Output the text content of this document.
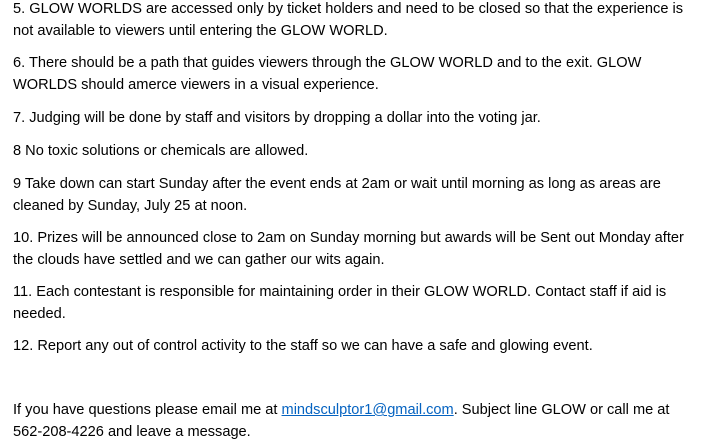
5. GLOW WORLDS are accessed only by ticket holders and need to be closed so that the experience is
not available to viewers until entering the GLOW WORLD.

6. There should be a path that guides viewers through the GLOW WORLD and to the exit. GLOW
WORLDS should amerce viewers in a visual experience.

7. Judging will be done by staff and visitors by dropping a dollar into the voting jar.

8 No toxic solutions or chemicals are allowed.

9 Take down can start Sunday after the event ends at 2am or wait until morning as long as areas are
cleaned by Sunday, July 25 at noon.

10. Prizes will be announced close to 2am on Sunday morning but awards will be Sent out Monday after
the clouds have settled and we can gather our wits again.

11. Each contestant is responsible for maintaining order in their GLOW WORLD. Contact staff if aid is
needed.

12. Report any out of control activity to the staff so we can have a safe and glowing event.

If you have questions please email me at mindsculptor1@gmail.com. Subject line GLOW or call me at
562-208-4226 and leave a message.
